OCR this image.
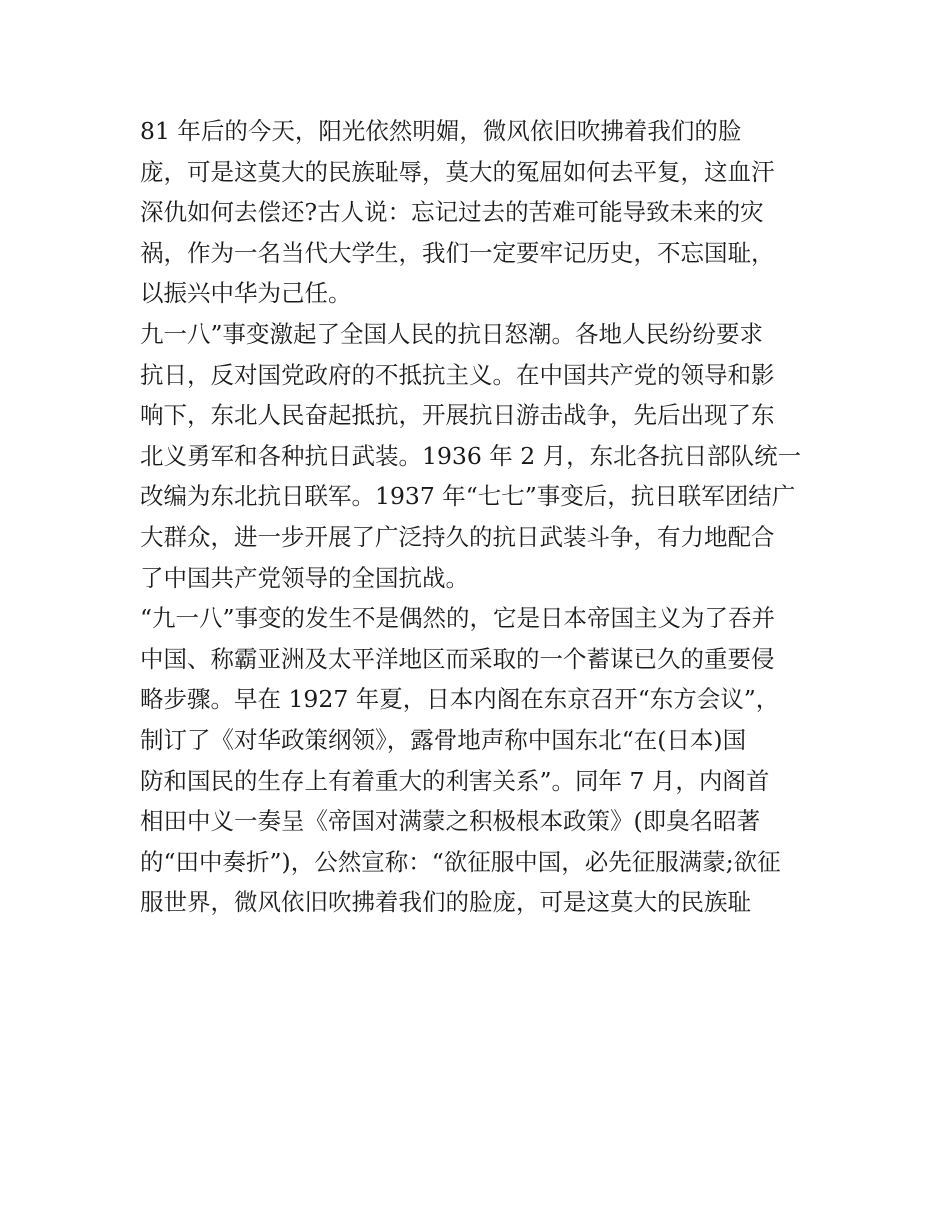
81 年后的今天，阳光依然明媚，微风依旧吹拂着我们的脸
庞，可是这莫大的民族耻辱，莫大的冤屈如何去平复，这血汗
深仇如何去偿还?古人说：忘记过去的苦难可能导致未来的灾
祸，作为一名当代大学生，我们一定要牢记历史，不忘国耻，
以振兴中华为己任。
九一八”事变激起了全国人民的抗日怒潮。各地人民纷纷要求
抗日，反对国党政府的不抵抗主义。在中国共产党的领导和影
响下，东北人民奋起抵抗，开展抗日游击战争，先后出现了东
北义勇军和各种抗日武装。1936 年 2 月，东北各抗日部队统一
改编为东北抗日联军。1937 年“七七”事变后，抗日联军团结广
大群众，进一步开展了广泛持久的抗日武装斗争，有力地配合
了中国共产党领导的全国抗战。
“九一八”事变的发生不是偶然的，它是日本帝国主义为了吞并
中国、称霸亚洲及太平洋地区而采取的一个蓄谋已久的重要侵
略步骤。早在 1927 年夏，日本内阁在东京召开“东方会议”，
制订了《对华政策纲领》，露骨地声称中国东北“在(日本)国
防和国民的生存上有着重大的利害关系”。同年 7 月，内阁首
相田中义一奏呈《帝国对满蒙之积极根本政策》(即臭名昭著
的“田中奏折”)，公然宣称：“欲征服中国，必先征服满蒙;欲征
服世界，微风依旧吹拂着我们的脸庞，可是这莫大的民族耻
